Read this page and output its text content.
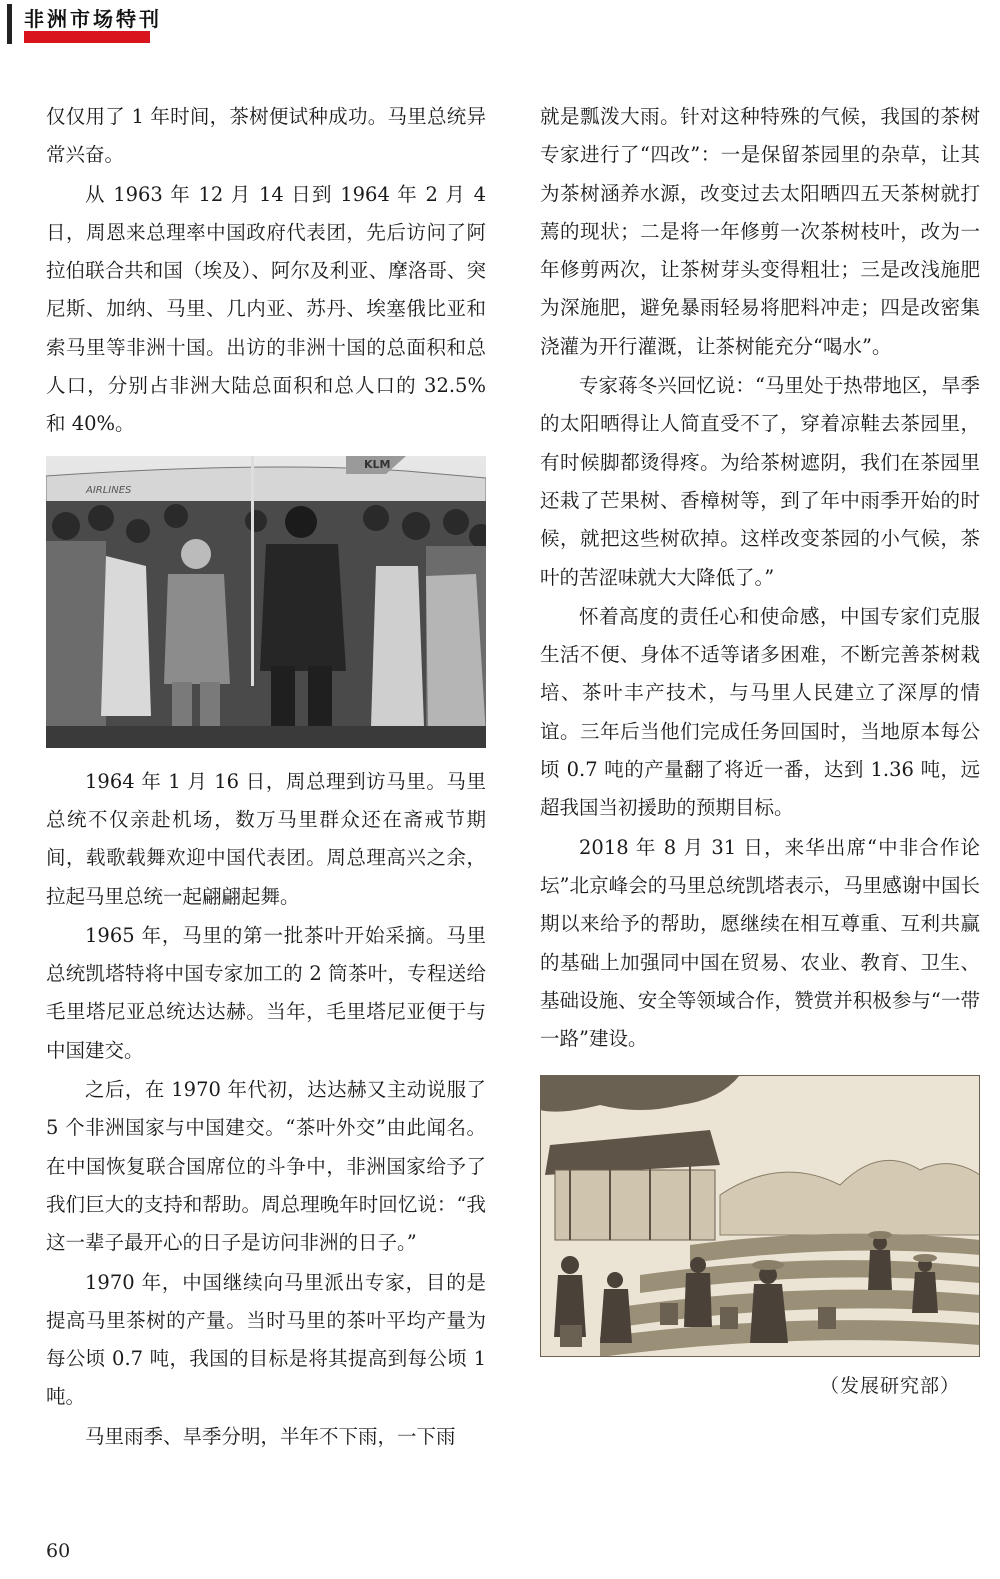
非洲市场特刊

仅仅用了 1 年时间，茶树便试种成功。马里总统异常兴奋。

从 1963 年 12 月 14 日到 1964 年 2 月 4 日，周恩来总理率中国政府代表团，先后访问了阿拉伯联合共和国（埃及）、阿尔及利亚、摩洛哥、突尼斯、加纳、马里、几内亚、苏丹、埃塞俄比亚和索马里等非洲十国。出访的非洲十国的总面积和总人口，分别占非洲大陆总面积和总人口的 32.5% 和 40%。

AIRLINES
KLM

1964 年 1 月 16 日，周总理到访马里。马里总统不仅亲赴机场，数万马里群众还在斋戒节期间，载歌载舞欢迎中国代表团。周总理高兴之余，拉起马里总统一起翩翩起舞。

1965 年，马里的第一批茶叶开始采摘。马里总统凯塔特将中国专家加工的 2 筒茶叶，专程送给毛里塔尼亚总统达达赫。当年，毛里塔尼亚便于与中国建交。

之后，在 1970 年代初，达达赫又主动说服了 5 个非洲国家与中国建交。“茶叶外交”由此闻名。在中国恢复联合国席位的斗争中，非洲国家给予了我们巨大的支持和帮助。周总理晚年时回忆说：“我这一辈子最开心的日子是访问非洲的日子。”

1970 年，中国继续向马里派出专家，目的是提高马里茶树的产量。当时马里的茶叶平均产量为每公顷 0.7 吨，我国的目标是将其提高到每公顷 1 吨。

马里雨季、旱季分明，半年不下雨，一下雨

就是瓢泼大雨。针对这种特殊的气候，我国的茶树专家进行了“四改”：一是保留茶园里的杂草，让其为茶树涵养水源，改变过去太阳晒四五天茶树就打蔫的现状；二是将一年修剪一次茶树枝叶，改为一年修剪两次，让茶树芽头变得粗壮；三是改浅施肥为深施肥，避免暴雨轻易将肥料冲走；四是改密集浇灌为开行灌溉，让茶树能充分“喝水”。

专家蒋冬兴回忆说：“马里处于热带地区，旱季的太阳晒得让人简直受不了，穿着凉鞋去茶园里，有时候脚都烫得疼。为给茶树遮阴，我们在茶园里还栽了芒果树、香樟树等，到了年中雨季开始的时候，就把这些树砍掉。这样改变茶园的小气候，茶叶的苦涩味就大大降低了。”

怀着高度的责任心和使命感，中国专家们克服生活不便、身体不适等诸多困难，不断完善茶树栽培、茶叶丰产技术，与马里人民建立了深厚的情谊。三年后当他们完成任务回国时，当地原本每公顷 0.7 吨的产量翻了将近一番，达到 1.36 吨，远超我国当初援助的预期目标。

2018 年 8 月 31 日，来华出席“中非合作论坛”北京峰会的马里总统凯塔表示，马里感谢中国长期以来给予的帮助，愿继续在相互尊重、互利共赢的基础上加强同中国在贸易、农业、教育、卫生、基础设施、安全等领域合作，赞赏并积极参与“一带一路”建设。

（发展研究部）
60
